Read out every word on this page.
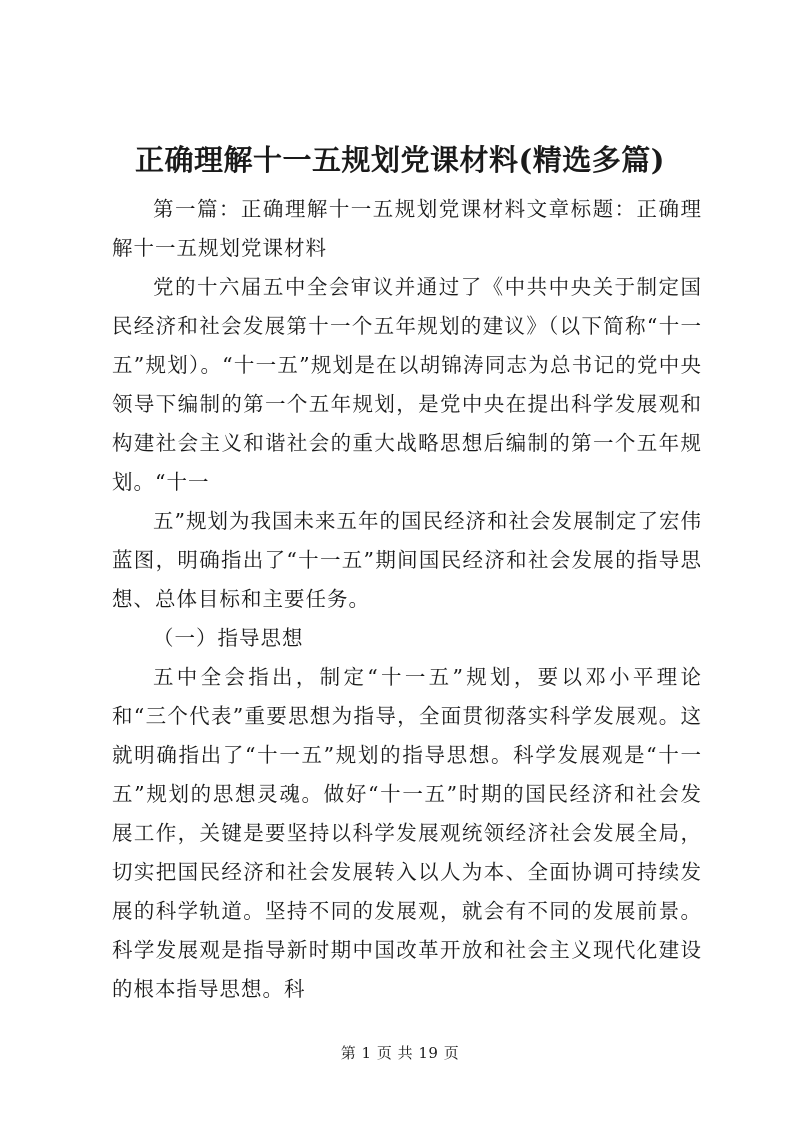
正确理解十一五规划党课材料(精选多篇)

第一篇：正确理解十一五规划党课材料文章标题：正确理解十一五规划党课材料

党的十六届五中全会审议并通过了《中共中央关于制定国民经济和社会发展第十一个五年规划的建议》（以下简称“十一五”规划）。“十一五”规划是在以胡锦涛同志为总书记的党中央领导下编制的第一个五年规划，是党中央在提出科学发展观和构建社会主义和谐社会的重大战略思想后编制的第一个五年规划。“十一

五”规划为我国未来五年的国民经济和社会发展制定了宏伟蓝图，明确指出了“十一五”期间国民经济和社会发展的指导思想、总体目标和主要任务。

（一）指导思想

五中全会指出，制定“十一五”规划，要以邓小平理论和“三个代表”重要思想为指导，全面贯彻落实科学发展观。这就明确指出了“十一五”规划的指导思想。科学发展观是“十一五”规划的思想灵魂。做好“十一五”时期的国民经济和社会发展工作，关键是要坚持以科学发展观统领经济社会发展全局，切实把国民经济和社会发展转入以人为本、全面协调可持续发展的科学轨道。坚持不同的发展观，就会有不同的发展前景。科学发展观是指导新时期中国改革开放和社会主义现代化建设的根本指导思想。科

第 1 页 共 19 页
